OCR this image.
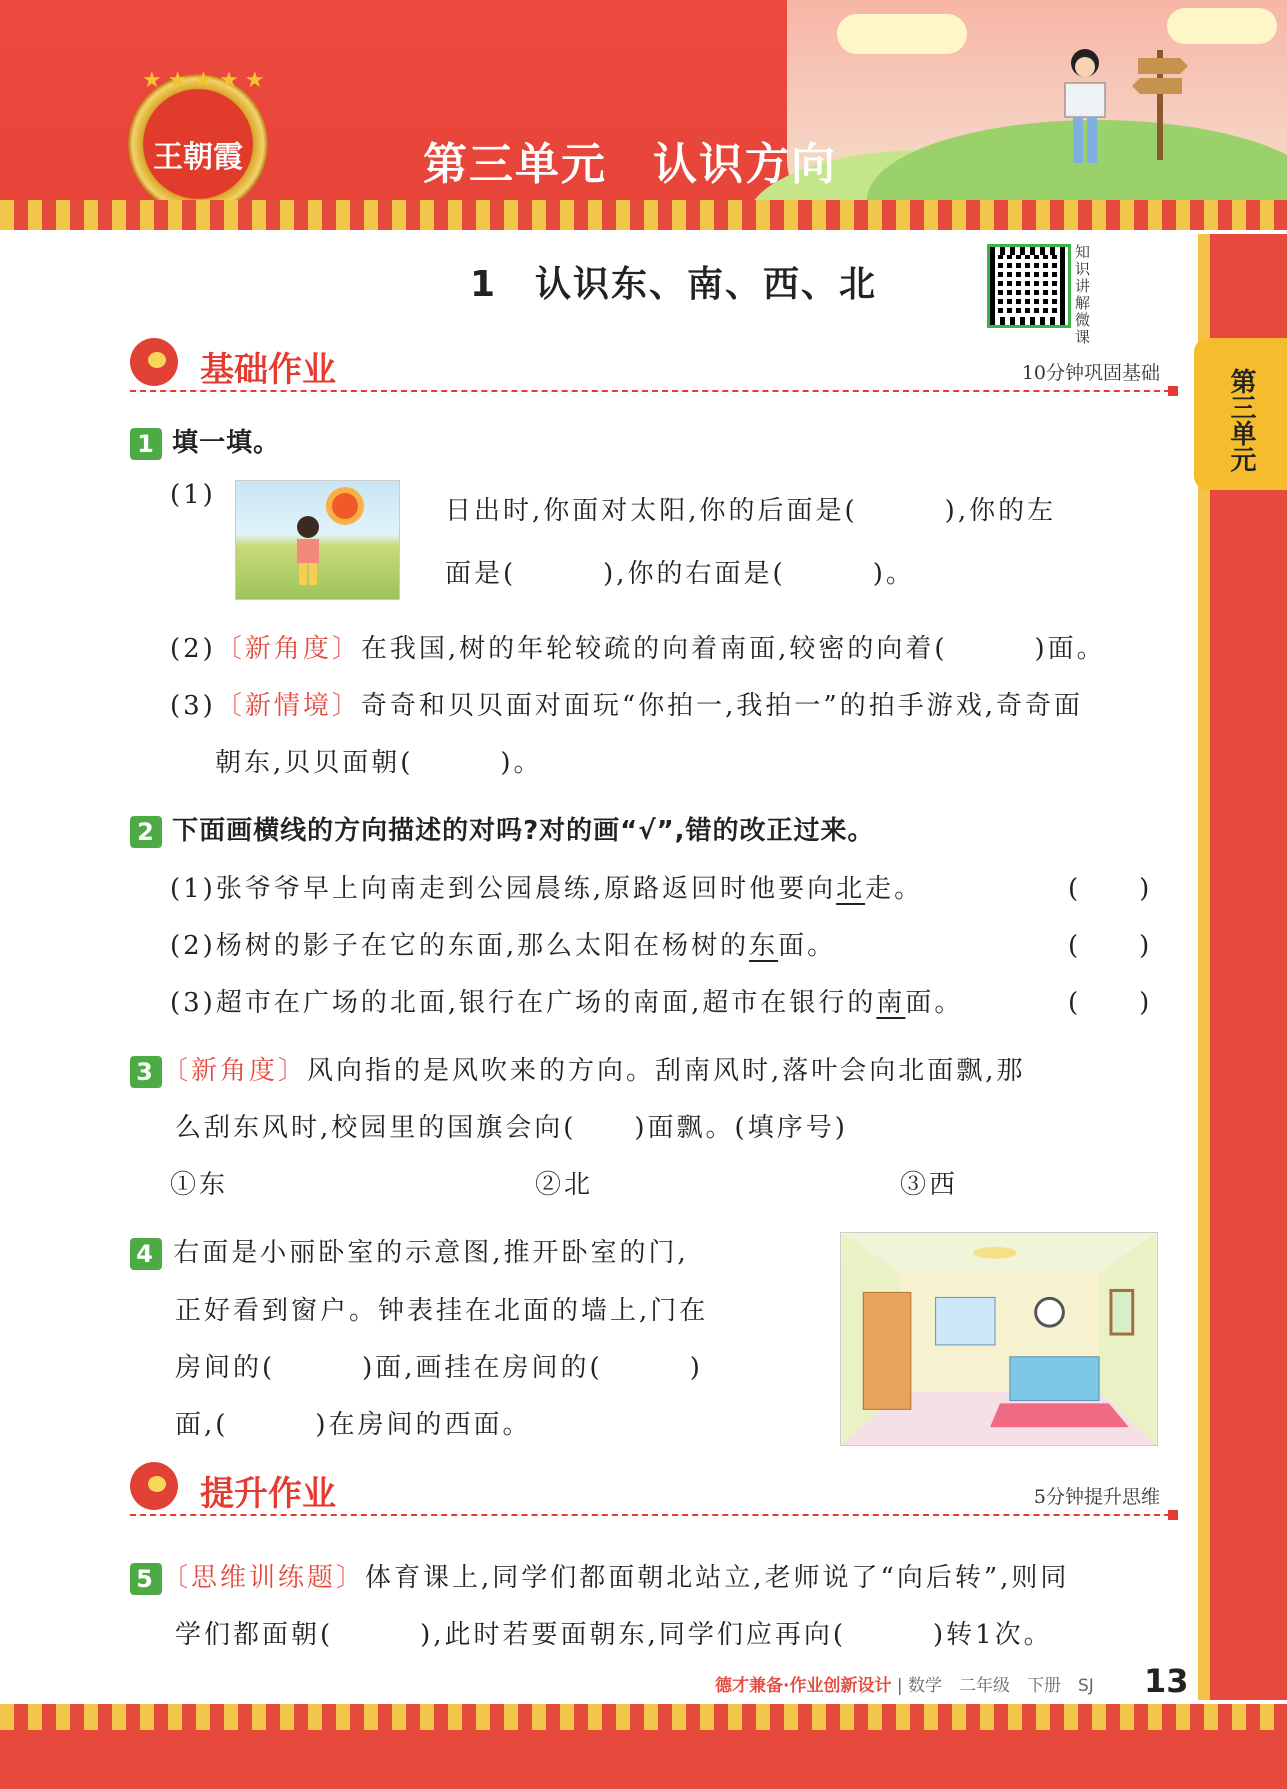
★★★★★
王朝霞	第三单元　认识方向
第三单元
1　认识东、南、西、北
知识讲解微课
基础作业	10分钟巩固基础
1 填一填。
(1)
日出时,你面对太阳,你的后面是(　　　),你的左
面是(　　　),你的右面是(　　　)。
(2)〔新角度〕在我国,树的年轮较疏的向着南面,较密的向着(　　　)面。
(3)〔新情境〕奇奇和贝贝面对面玩“你拍一,我拍一”的拍手游戏,奇奇面
朝东,贝贝面朝(　　　)。
2 下面画横线的方向描述的对吗?对的画“√”,错的改正过来。
(1)张爷爷早上向南走到公园晨练,原路返回时他要向北走。	(　　)
(2)杨树的影子在它的东面,那么太阳在杨树的东面。	(　　)
(3)超市在广场的北面,银行在广场的南面,超市在银行的南面。	(　　)
3 〔新角度〕风向指的是风吹来的方向。刮南风时,落叶会向北面飘,那
么刮东风时,校园里的国旗会向(　　)面飘。(填序号)
①东	②北	③西
4 右面是小丽卧室的示意图,推开卧室的门,
正好看到窗户。钟表挂在北面的墙上,门在
房间的(　　　)面,画挂在房间的(　　　)
面,(　　　)在房间的西面。
提升作业	5分钟提升思维
5 〔思维训练题〕体育课上,同学们都面朝北站立,老师说了“向后转”,则同
学们都面朝(　　　),此时若要面朝东,同学们应再向(　　　)转1次。
德才兼备·作业创新设计 | 数学　二年级　下册　SJ 13
